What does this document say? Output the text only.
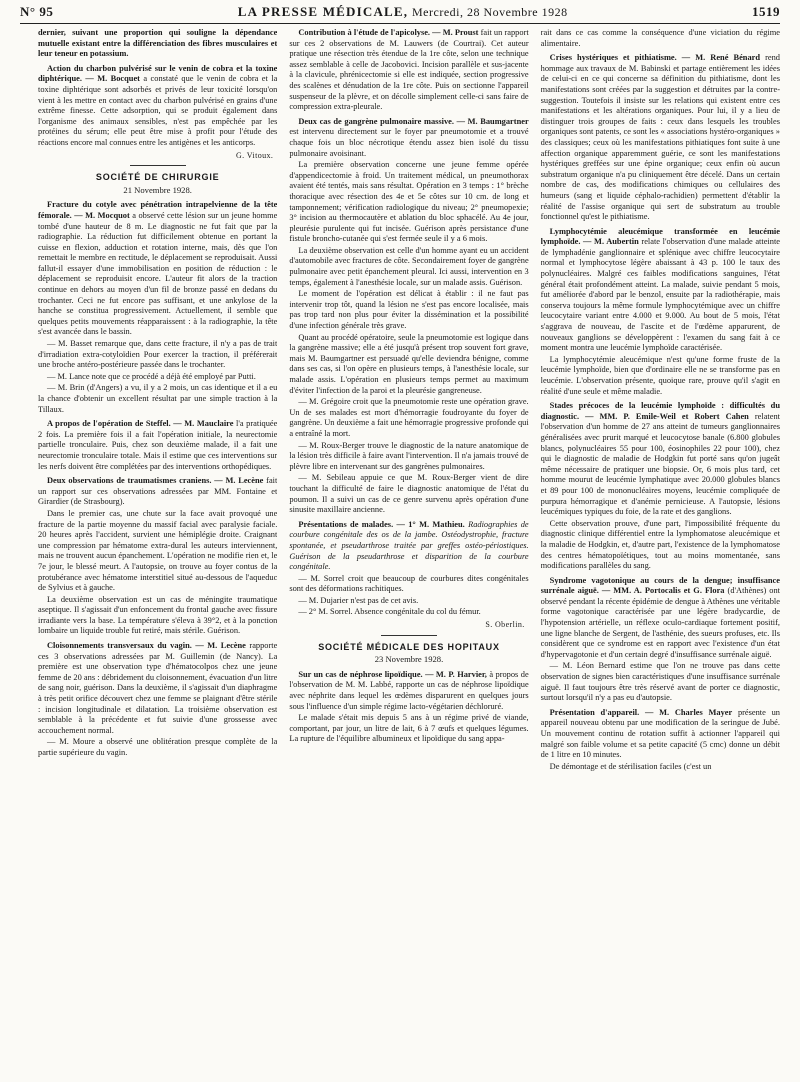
N° 95	LA PRESSE MÉDICALE, Mercredi, 28 Novembre 1928	1519

dernier, suivant une proportion qui souligne la dépendance mutuelle existant entre la différenciation des fibres musculaires et leur teneur en potassium.

Action du charbon pulvérisé sur le venin de cobra et la toxine diphtérique. — M. Bocquet a constaté que le venin de cobra et la toxine diphtérique sont adsorbés et privés de leur toxicité lorsqu'on vient à les mettre en contact avec du charbon pulvérisé en grains d'une extrême finesse. Cette adsorption, qui se produit également dans l'organisme des animaux sensibles, n'est pas empêchée par les protéines du sérum; elle peut être mise à profit pour l'étude des réactions encore mal connues entre les antigènes et les anticorps.

G. Vitoux.
SOCIÉTÉ DE CHIRURGIE
21 Novembre 1928.

Fracture du cotyle avec pénétration intrapelvienne de la tête fémorale. — M. Mocquot a observé cette lésion sur un jeune homme tombé d'une hauteur de 8 m. Le diagnostic ne fut fait que par la radiographie. La réduction fut difficilement obtenue en portant la cuisse en flexion, adduction et rotation interne, mais, dès que l'on remettait le membre en rectitude, le déplacement se reproduisait. Aussi fallut-il essayer d'une immobilisation en position de réduction : le déplacement se reproduisit encore. L'auteur fit alors de la traction continue en dehors au moyen d'un fil de bronze passé en dedans du trochanter. Ceci ne fut encore pas suffisant, et une ankylose de la hanche se constitua progressivement. Actuellement, il semble que quelques petits mouvements réapparaissent : à la radiographie, la tête s'est avancée dans le bassin.

— M. Basset remarque que, dans cette fracture, il n'y a pas de trait d'irradiation extra-cotyloïdien Pour exercer la traction, il préférerait une broche antéro-postérieure passée dans le trochanter.

— M. Lance note que ce procédé a déjà été employé par Putti.

— M. Brin (d'Angers) a vu, il y a 2 mois, un cas identique et il a eu la chance d'obtenir un excellent résultat par une simple traction à la Tillaux.

A propos de l'opération de Steffel. — M. Mauclaire l'a pratiquée 2 fois. La première fois il a fait l'opération initiale, la neurectomie partielle tronculaire. Puis, chez son deuxième malade, il a fait une neurectomie tronculaire totale. Mais il estime que ces interventions sur les nerfs doivent être complétées par des interventions orthopédiques.

Deux observations de traumatismes craniens. — M. Lecène fait un rapport sur ces observations adressées par MM. Fontaine et Girardier (de Strasbourg).

Dans le premier cas, une chute sur la face avait provoqué une fracture de la partie moyenne du massif facial avec paralysie faciale. 20 heures après l'accident, survient une hémiplégie droite. Craignant une compression par hématome extra-dural les auteurs interviennent, mais ne trouvent aucun épanchement. L'opération ne modifie rien et, le 7e jour, le blessé meurt. A l'autopsie, on trouve au foyer contus de la protubérance avec hématome interstitiel situé au-dessous de l'aqueduc de Sylvius et à gauche.

La deuxième observation est un cas de méningite traumatique aseptique. Il s'agissait d'un enfoncement du frontal gauche avec fissure irradiante vers la base. La température s'éleva à 39°2, et à la ponction lombaire un liquide trouble fut retiré, mais stérile. Guérison.

Cloisonnements transversaux du vagin. — M. Lecène rapporte ces 3 observations adressées par M. Guillemin (de Nancy). La première est une observation type d'hématocolpos chez une jeune femme de 20 ans : débridement du cloisonnement, évacuation d'un litre de sang noir, guérison. Dans la deuxième, il s'agissait d'un diaphragme à très petit orifice découvert chez une femme se plaignant d'être stérile : incision longitudinale et dilatation. La troisième observation est semblable à la précédente et fut suivie d'une grossesse avec accouchement normal.

— M. Moure a observé une oblitération presque complète de la partie supérieure du vagin.

Contribution à l'étude de l'apicolyse. — M. Proust fait un rapport sur ces 2 observations de M. Lauwers (de Courtrai). Cet auteur pratique une résection très étendue de la 1re côte, selon une technique assez semblable à celle de Jacobovici. Incision parallèle et sus-jacente à la clavicule, phrénicectomie si elle est indiquée, section progressive des scalènes et dénudation de la 1re côte. Puis on sectionne l'appareil suspenseur de la plèvre, et on décolle simplement celle-ci sans faire de compression extra-pleurale.

Deux cas de gangrène pulmonaire massive. — M. Baumgartner est intervenu directement sur le foyer par pneumotomie et a trouvé chaque fois un bloc nécrotique étendu assez bien isolé du tissu pulmonaire avoisinant.

La première observation concerne une jeune femme opérée d'appendicectomie à froid. Un traitement médical, un pneumothorax avaient été tentés, mais sans résultat. Opération en 3 temps : 1° brèche thoracique avec résection des 4e et 5e côtes sur 10 cm. de long et tamponnement; vérification radiologique du niveau; 2° pneumopexie; 3° incision au thermocautère et ablation du bloc sphacélé. Au 4e jour, pleurésie purulente qui fut incisée. Guérison après persistance d'une fistule broncho-cutanée qui s'est fermée seule il y a 6 mois.

La deuxième observation est celle d'un homme ayant eu un accident d'automobile avec fractures de côte. Secondairement foyer de gangrène pulmonaire avec petit épanchement pleural. Ici aussi, intervention en 3 temps, également à l'anesthésie locale, sur un malade assis. Guérison.

Le moment de l'opération est délicat à établir : il ne faut pas intervenir trop tôt, quand la lésion ne s'est pas encore localisée, mais pas trop tard non plus pour éviter la dissémination et la possibilité d'une infection générale très grave.

Quant au procédé opératoire, seule la pneumotomie est logique dans la gangrène massive; elle a été jusqu'à présent trop souvent fort grave, mais M. Baumgartner est persuadé qu'elle deviendra bénigne, comme dans ses cas, si l'on opère en plusieurs temps, à l'anesthésie locale, sur malade assis. L'opération en plusieurs temps permet au maximum d'éviter l'infection de la paroi et la pleurésie gangreneuse.

— M. Grégoire croit que la pneumotomie reste une opération grave. Un de ses malades est mort d'hémorragie foudroyante du foyer de gangrène. Un deuxième a fait une hémorragie progressive profonde qui a entraîné la mort.

— M. Roux-Berger trouve le diagnostic de la nature anatomique de la lésion très difficile à faire avant l'intervention. Il n'a jamais trouvé de plèvre libre en intervenant sur des gangrènes pulmonaires.

— M. Sebileau appuie ce que M. Roux-Berger vient de dire touchant la difficulté de faire le diagnostic anatomique de l'état du poumon. Il a suivi un cas de ce genre survenu après opération d'une sinusite maxillaire ancienne.

Présentations de malades. — 1° M. Mathieu. Radiographies de courbure congénitale des os de la jambe. Ostéodystrophie, fracture spontanée, et pseudarthrose traitée par greffes ostéo-périostiques. Guérison de la pseudarthrose et disparition de la courbure congénitale.

— M. Sorrel croit que beaucoup de courbures dites congénitales sont des déformations rachitiques.

— M. Dujarier n'est pas de cet avis.

— 2° M. Sorrel. Absence congénitale du col du fémur.

S. Oberlin.
SOCIÉTÉ MÉDICALE DES HOPITAUX
23 Novembre 1928.

Sur un cas de néphrose lipoïdique. — M. P. Harvier, à propos de l'observation de M. M. Labbé, rapporte un cas de néphrose lipoïdique avec néphrite dans lequel les œdèmes disparurent en quelques jours sous l'influence d'un simple régime lacto-végétarien déchloruré.

Le malade s'était mis depuis 5 ans à un régime privé de viande, comportant, par jour, un litre de lait, 6 à 7 œufs et quelques légumes. La rupture de l'équilibre albumineux et lipoïdique du sang appa-

rait dans ce cas comme la conséquence d'une viciation du régime alimentaire.

Crises hystériques et pithiatisme. — M. René Bénard rend hommage aux travaux de M. Babinski et partage entièrement les idées de celui-ci en ce qui concerne sa définition du pithiatisme, dont les manifestations sont créées par la suggestion et détruites par la contre-suggestion. Toutefois il insiste sur les relations qui existent entre ces manifestations et les altérations organiques. Pour lui, il y a lieu de distinguer trois groupes de faits : ceux dans lesquels les troubles organiques sont patents, ce sont les « associations hystéro-organiques » des classiques; ceux où les manifestations pithiatiques font suite à une affection organique apparemment guérie, ce sont les manifestations hystériques greffées sur une épine organique; ceux enfin où aucun substratum organique n'a pu cliniquement être décelé. Dans un certain nombre de cas, des modifications chimiques ou cellulaires des humeurs (sang et liquide céphalo-rachidien) permettent d'établir la réalité de l'assise organique qui sert de substratum au trouble fonctionnel qu'est le pithiatisme.

Lymphocytémie aleucémique transformée en leucémie lymphoïde. — M. Aubertin relate l'observation d'une malade atteinte de lymphadénie ganglionnaire et splénique avec chiffre leucocytaire normal et lymphocytose légère abaissant à 43 p. 100 le taux des polynucléaires. Malgré ces faibles modifications sanguines, l'état général était profondément atteint. La malade, suivie pendant 5 mois, fut améliorée d'abord par le benzol, ensuite par la radiothérapie, mais conserva toujours la même formule lymphocytémique avec un chiffre leucocytaire variant entre 4.000 et 9.000. Au bout de 5 mois, l'état s'aggrava de nouveau, de l'ascite et de l'œdème apparurent, de nouveaux ganglions se développèrent : l'examen du sang fait à ce moment montra une leucémie lymphoïde caractérisée.

La lymphocytémie aleucémique n'est qu'une forme fruste de la leucémie lymphoïde, bien que d'ordinaire elle ne se transforme pas en leucémie. L'observation présente, quoique rare, prouve qu'il s'agit en réalité d'une seule et même maladie.

Stades précoces de la leucémie lymphoïde : difficultés du diagnostic. — MM. P. Emile-Weil et Robert Cahen relatent l'observation d'un homme de 27 ans atteint de tumeurs ganglionnaires généralisées avec prurit marqué et leucocytose banale (6.800 globules blancs, polynucléaires 55 pour 100, éosinophiles 22 pour 100), chez qui le diagnostic de maladie de Hodgkin fut porté sans qu'on jugeât même nécessaire de pratiquer une biopsie. Or, 6 mois plus tard, cet homme mourut de leucémie lymphatique avec 20.000 globules blancs et 89 pour 100 de mononucléaires moyens, leucémie compliquée de purpura hémorragique et d'anémie pernicieuse. A l'autopsie, lésions leucémiques typiques du foie, de la rate et des ganglions.

Cette observation prouve, d'une part, l'impossibilité fréquente du diagnostic clinique différentiel entre la lymphomatose aleucémique et la maladie de Hodgkin, et, d'autre part, l'existence de la lymphomatose des centres hématopoïétiques, tout au moins momentanée, sans modifications parallèles du sang.

Syndrome vagotonique au cours de la dengue; insuffisance surrénale aiguë. — MM. A. Portocalis et G. Flora (d'Athènes) ont observé pendant la récente épidémie de dengue à Athènes une véritable forme vagotonique caractérisée par une légère bradycardie, de l'hypotension artérielle, un réflexe oculo-cardiaque fortement positif, une ligne blanche de Sergent, de l'asthénie, des sueurs profuses, etc. Ils considèrent que ce syndrome est en rapport avec l'existence d'un état d'hypervagotonie et d'un certain degré d'insuffisance surrénale aiguë.

— M. Léon Bernard estime que l'on ne trouve pas dans cette observation de signes bien caractéristiques d'une insuffisance surrénale aiguë. Il faut toujours être très réservé avant de porter ce diagnostic, surtout lorsqu'il n'y a pas eu d'autopsie.

Présentation d'appareil. — M. Charles Mayer présente un appareil nouveau obtenu par une modification de la seringue de Jubé. Un mouvement continu de rotation suffit à actionner l'appareil qui malgré son faible volume et sa petite capacité (5 cmc) donne un débit de 1 litre en 10 minutes.

De démontage et de stérilisation faciles (c'est un
